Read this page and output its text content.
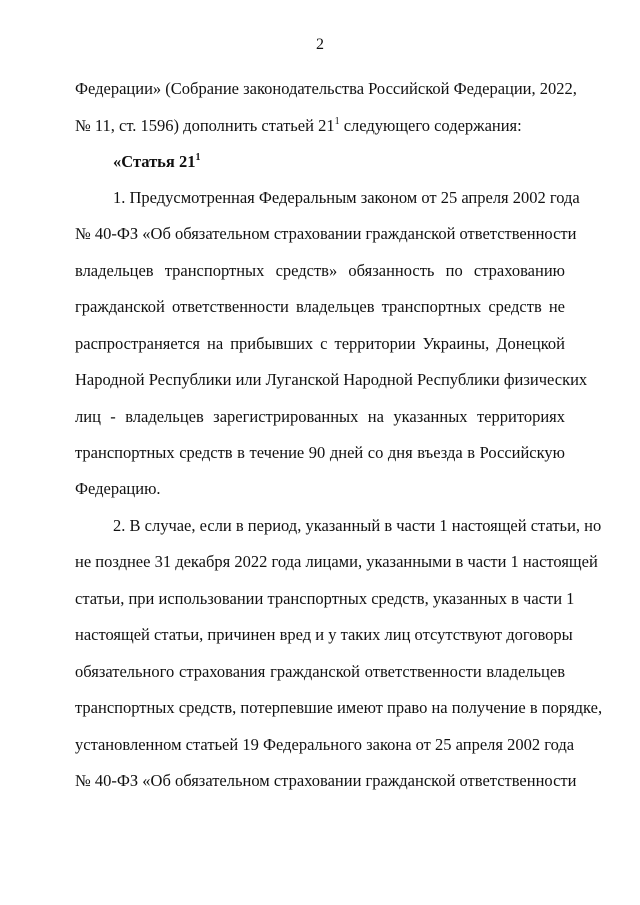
2
Федерации» (Собрание законодательства Российской Федерации, 2022,
№ 11, ст. 1596) дополнить статьей $21^1$ следующего содержания:
«Статья $21^1$
1. Предусмотренная Федеральным законом от 25 апреля 2002 года
№ 40-ФЗ «Об обязательном страховании гражданской ответственности
владельцев транспортных средств» обязанность по страхованию
гражданской ответственности владельцев транспортных средств не
распространяется на прибывших с территории Украины, Донецкой
Народной Республики или Луганской Народной Республики физических
лиц - владельцев зарегистрированных на указанных территориях
транспортных средств в течение 90 дней со дня въезда в Российскую
Федерацию.
2. В случае, если в период, указанный в части 1 настоящей статьи, но
не позднее 31 декабря 2022 года лицами, указанными в части 1 настоящей
статьи, при использовании транспортных средств, указанных в части 1
настоящей статьи, причинен вред и у таких лиц отсутствуют договоры
обязательного страхования гражданской ответственности владельцев
транспортных средств, потерпевшие имеют право на получение в порядке,
установленном статьей 19 Федерального закона от 25 апреля 2002 года
№ 40-ФЗ «Об обязательном страховании гражданской ответственности
